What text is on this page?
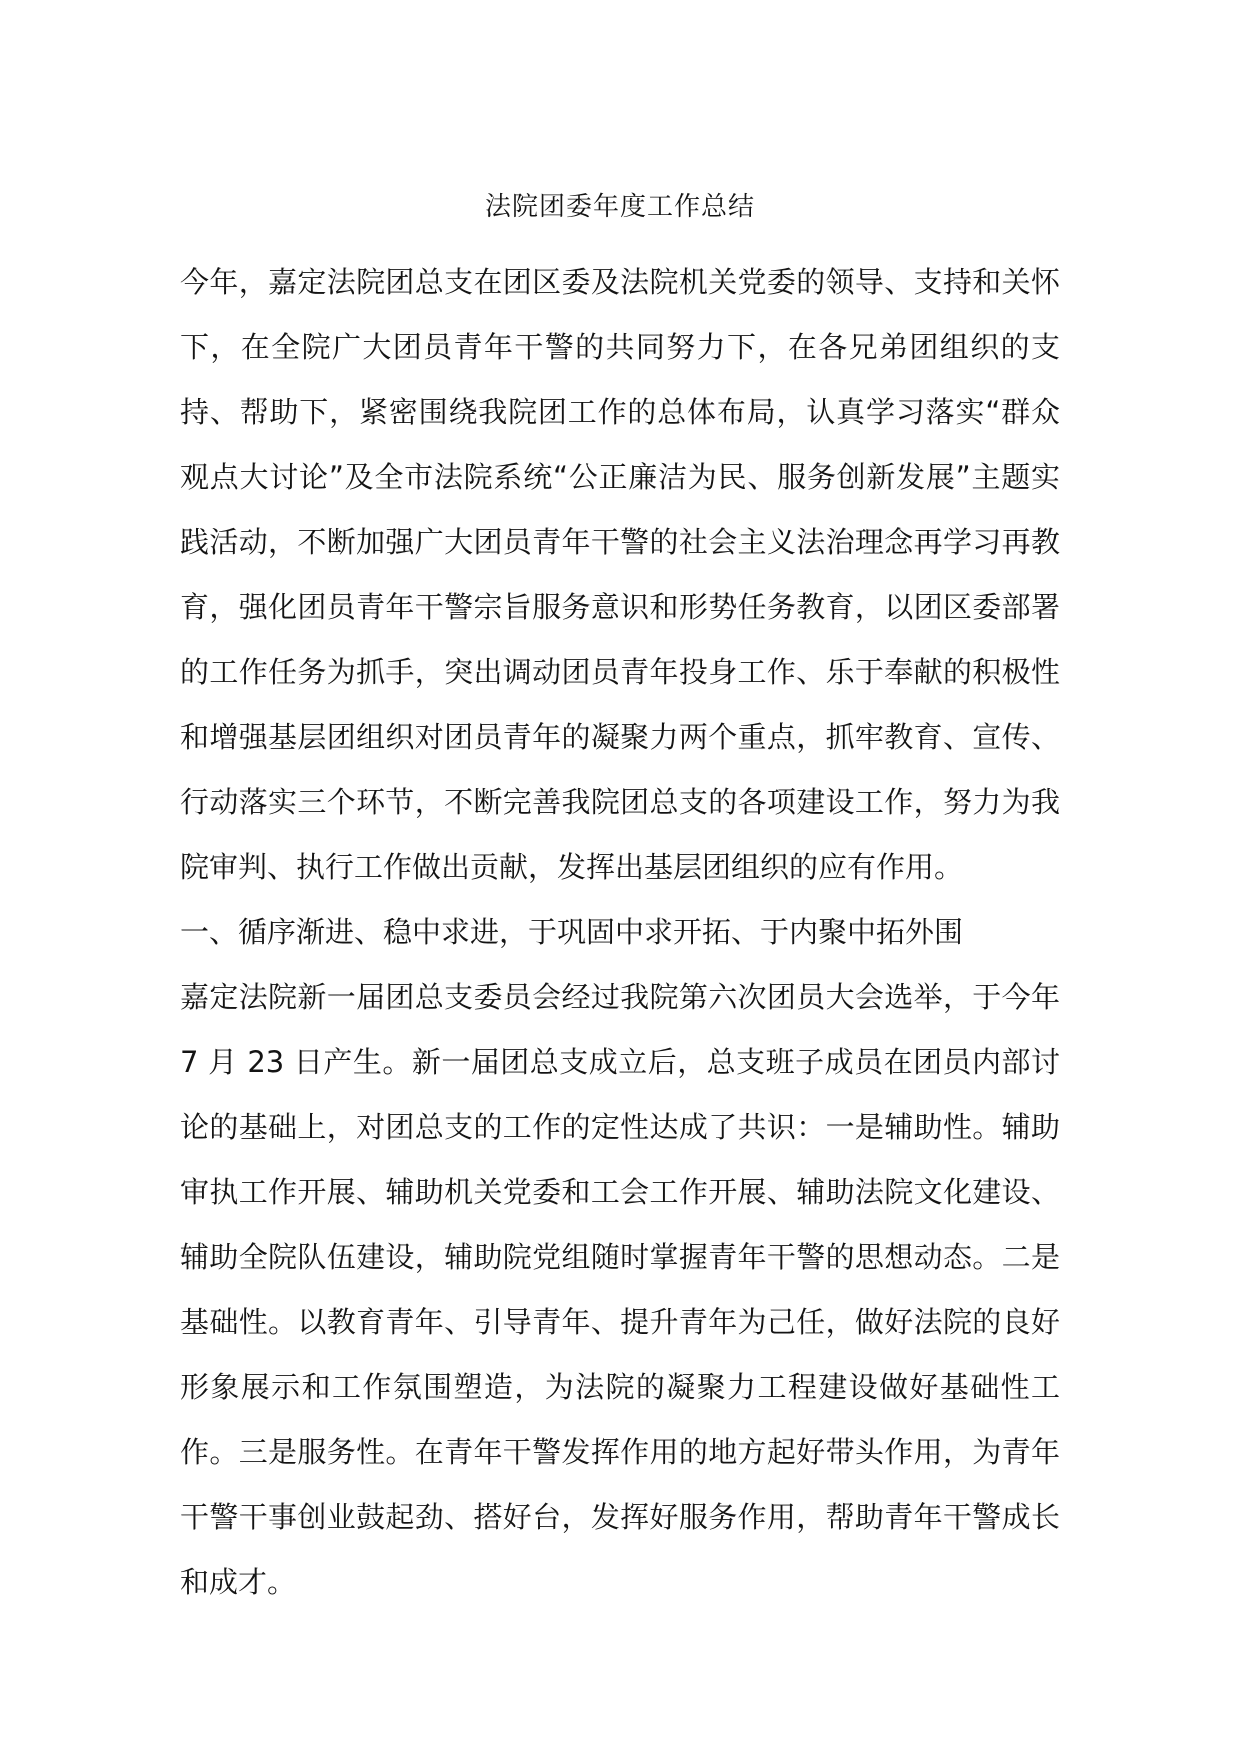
法院团委年度工作总结

今年，嘉定法院团总支在团区委及法院机关党委的领导、支持和关怀下，在全院广大团员青年干警的共同努力下，在各兄弟团组织的支持、帮助下，紧密围绕我院团工作的总体布局，认真学习落实“群众观点大讨论”及全市法院系统“公正廉洁为民、服务创新发展”主题实践活动，不断加强广大团员青年干警的社会主义法治理念再学习再教育，强化团员青年干警宗旨服务意识和形势任务教育，以团区委部署的工作任务为抓手，突出调动团员青年投身工作、乐于奉献的积极性和增强基层团组织对团员青年的凝聚力两个重点，抓牢教育、宣传、行动落实三个环节，不断完善我院团总支的各项建设工作，努力为我院审判、执行工作做出贡献，发挥出基层团组织的应有作用。

一、循序渐进、稳中求进，于巩固中求开拓、于内聚中拓外围

嘉定法院新一届团总支委员会经过我院第六次团员大会选举，于今年 7 月 23 日产生。新一届团总支成立后，总支班子成员在团员内部讨论的基础上，对团总支的工作的定性达成了共识：一是辅助性。辅助审执工作开展、辅助机关党委和工会工作开展、辅助法院文化建设、辅助全院队伍建设，辅助院党组随时掌握青年干警的思想动态。二是基础性。以教育青年、引导青年、提升青年为己任，做好法院的良好形象展示和工作氛围塑造，为法院的凝聚力工程建设做好基础性工作。三是服务性。在青年干警发挥作用的地方起好带头作用，为青年干警干事创业鼓起劲、搭好台，发挥好服务作用，帮助青年干警成长和成才。
